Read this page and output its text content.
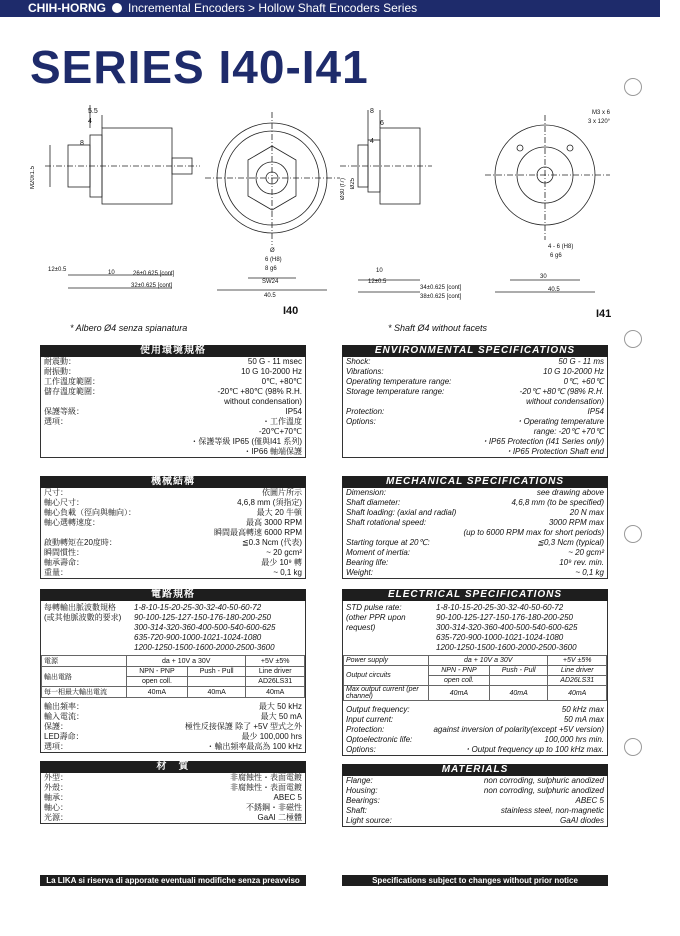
CHIH-HORNG Incremental Encoders > Hollow Shaft Encoders Series
SERIES I40-I41
5.5
4
8
M20x1.5
12±0.5	10	26±0.625 [cont]
32±0.625 [cont]
Ø
6 (H8)
8 g6
SW24
40.5
8
6
4
Ø30 (f7) Ø25
10
12±0.5
34±0.625 [cont]
38±0.625 [cont]
M3 x 6
3 x 120°
4 - 6 (H8)
6 g6
30
40.5
I40	I41
* Albero Ø4 senza spianatura	* Shaft Ø4 without facets
使用環境規格
耐震動：	50 G - 11 msec
耐振動：	10 G 10-2000 Hz
工作溫度範圍：	0℃, +80℃
儲存溫度範圍：	-20℃ +80℃ (98% R.H.
without condensation)
保護等級：	IP54
選項：	・工作溫度
-20℃+70℃
・保護等級 IP65 (僅與I41 系列)
・IP66 軸端保護
機械結構
尺寸：	依圖片所示
軸心尺寸：	4,6,8 mm (須指定)
軸心負載（徑向與軸向）：	最大 20 牛頓
軸心選轉速度：	最高 3000 RPM
瞬間最高轉速 6000 RPM
啟動轉矩在20度時：	≦0.3 Ncm (代表)
瞬間慣性：	~ 20 gcm²
軸承壽命：	最少 10⁹ 轉
重量：	~ 0,1 kg
電路規格
每轉輸出脈波數規格
(或其他脈波數的要求)
1-8-10-15-20-25-30-32-40-50-60-72
90-100-125-127-150-176-180-200-250
300-314-320-360-400-500-540-600-625
635-720-900-1000-1021-1024-1080
1200-1250-1500-1600-2000-2500-3600
電源	da + 10V a 30V		+5V ±5%
輸出電路	NPN - PNP	Push - Pull	Line driver
	open coll.		AD26LS31
每一相最大輸出電流	40mA	40mA	40mA
輸出頻率：	最大 50 kHz
輸入電流：	最大 50 mA
保護：	極性反接保護 除了 +5V 型式之外
LED壽命：	最少 100,000 hrs
選項：	・輸出頻率最高為 100 kHz
材　質
外型：	非腐蝕性・表面電鍍
外殼：	非腐蝕性・表面電鍍
軸承：	ABEC 5
軸心：	不銹鋼・非磁性
光源：	GaAI 二極體
ENVIRONMENTAL SPECIFICATIONS
Shock:	50 G - 11 ms
Vibrations:	10 G 10-2000 Hz
Operating temperature range:	0℃, +60℃
Storage temperature range:	-20℃ +80℃ (98% R.H.
without condensation)
Protection:	IP54
Options:	・Operating temperature
range: -20℃ +70℃
・IP65 Protection (I41 Series only)
・IP65 Protection Shaft end
MECHANICAL SPECIFICATIONS
Dimension:	see drawing above
Shaft diameter:	4,6,8 mm (to be specified)
Shaft loading: (axial and radial)	20 N max
Shaft rotational speed:	3000 RPM max
(up to 6000 RPM max for short periods)
Starting torque at 20℃:	≦0,3 Ncm (typical)
Moment of inertia:	~ 20 gcm²
Bearing life:	10⁹ rev. min.
Weight:	~ 0,1 kg
ELECTRICAL SPECIFICATIONS
STD pulse rate:
(other PPR upon request)
1-8-10-15-20-25-30-32-40-50-60-72
90-100-125-127-150-176-180-200-250
300-314-320-360-400-500-540-600-625
635-720-900-1000-1021-1024-1080
1200-1250-1500-1600-2000-2500-3600
Power supply	da + 10V a 30V		+5V ±5%
Output circuits	NPN - PNP	Push - Pull	Line driver
	open coll.		AD26LS31
Max output current (per channel)	40mA	40mA	40mA
Output frequency:	50 kHz max
Input current:	50 mA max
Protection:	against inversion of polarity(except +5V version)
Optoelectronic life:	100,000 hrs min.
Options:	・Output frequency up to 100 kHz max.
MATERIALS
Flange:	non corroding, sulphuric anodized
Housing:	non corroding, sulphuric anodized
Bearings:	ABEC 5
Shaft:	stainless steel, non-magnetic
Light source:	GaAI diodes
La LIKA si riserva di apporate eventuali modifiche senza preavviso	Specifications subject to changes without prior notice
